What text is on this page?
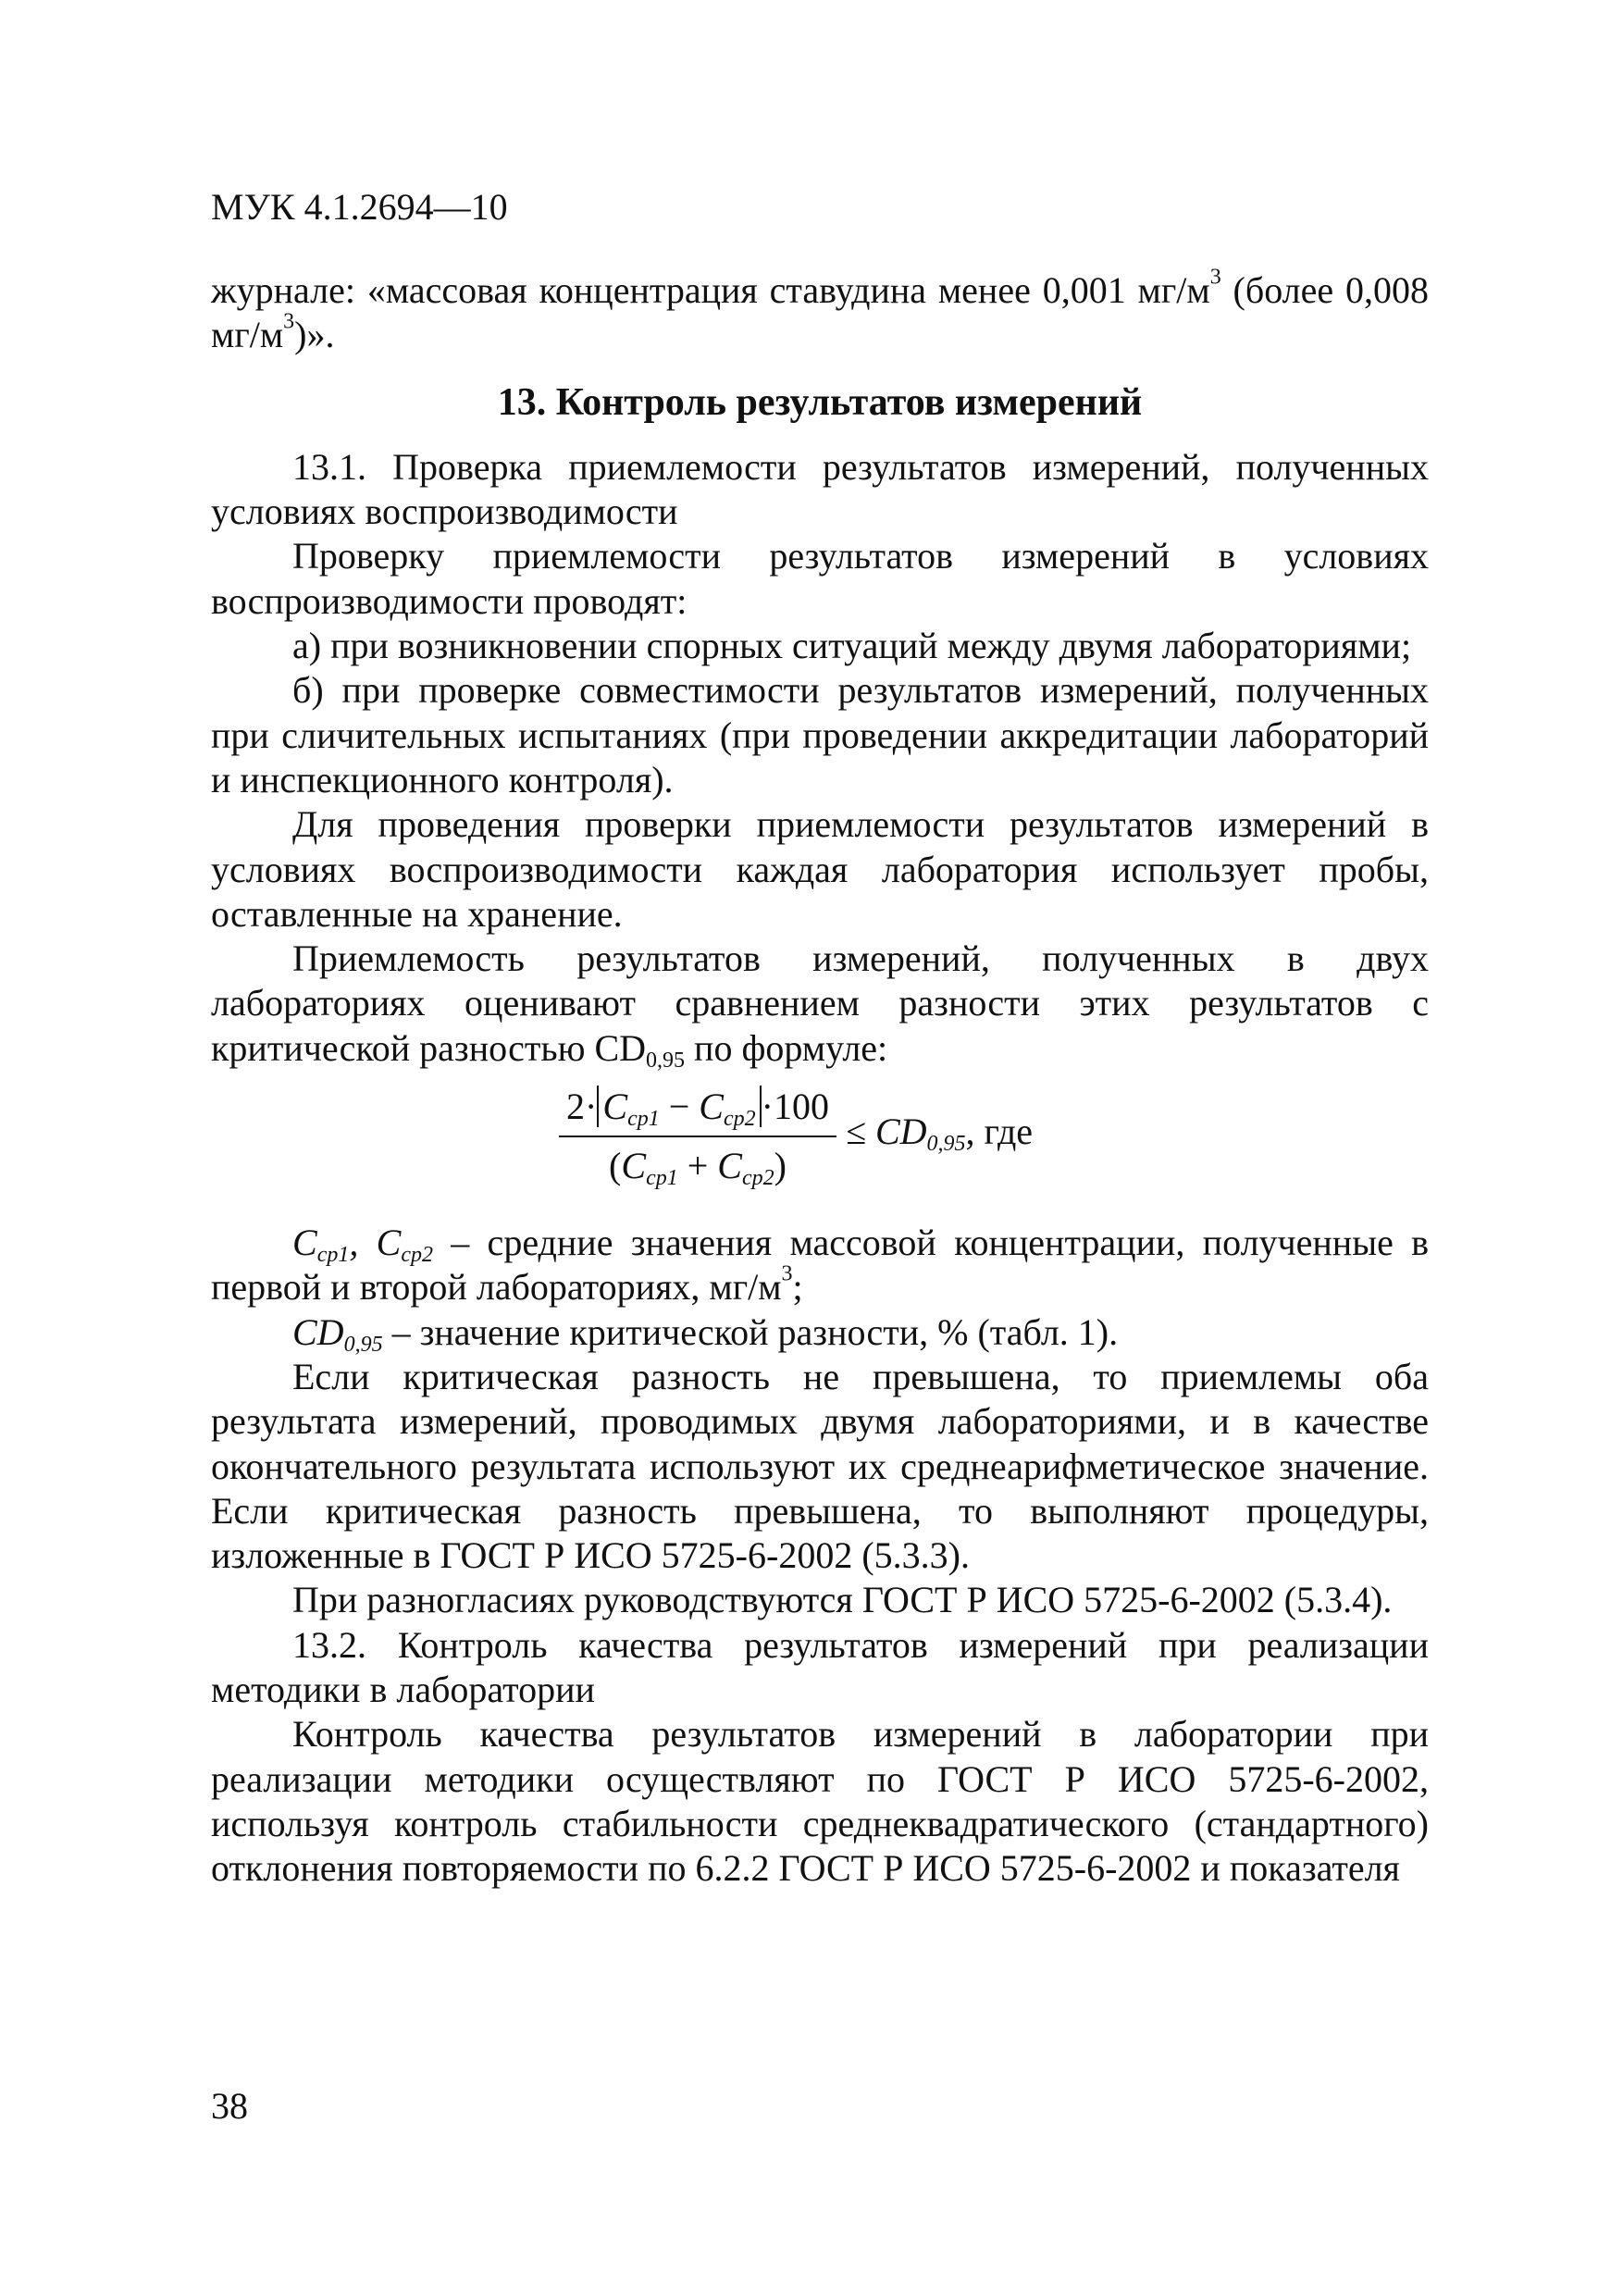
МУК 4.1.2694—10

журнале: «массовая концентрация ставудина менее 0,001 $мг/м^3$ (более 0,008 $мг/м^3$)».

13. Контроль результатов измерений

13.1. Проверка приемлемости результатов измерений, полученных условиях воспроизводимости

Проверку приемлемости результатов измерений в условиях воспроизводимости проводят:

а) при возникновении спорных ситуаций между двумя лабораториями;

б) при проверке совместимости результатов измерений, полученных при сличительных испытаниях (при проведении аккредитации лабораторий и инспекционного контроля).

Для проведения проверки приемлемости результатов измерений в условиях воспроизводимости каждая лаборатория использует пробы, оставленные на хранение.

Приемлемость результатов измерений, полученных в двух лабораториях оценивают сравнением разности этих результатов с критической разностью $CD_{0,95}$ по формуле:

$2\cdot C_{cp1} - C_{cp2} \cdot 100$
$(C_{cp1} + C_{cp2})$
≤ $CD_{0,95}$, где

$C_{cp1}$, $C_{cp2}$ – средние значения массовой концентрации, полученные в первой и второй лабораториях, $мг/м^3$;

$CD_{0,95}$ – значение критической разности, % (табл. 1).

Если критическая разность не превышена, то приемлемы оба результата измерений, проводимых двумя лабораториями, и в качестве окончательного результата используют их среднеарифметическое значение. Если критическая разность превышена, то выполняют процедуры, изложенные в ГОСТ Р ИСО 5725-6-2002 (5.3.3).

При разногласиях руководствуются ГОСТ Р ИСО 5725-6-2002 (5.3.4).

13.2. Контроль качества результатов измерений при реализации методики в лаборатории

Контроль качества результатов измерений в лаборатории при реализации методики осуществляют по ГОСТ Р ИСО 5725-6-2002, используя контроль стабильности среднеквадратического (стандартного) отклонения повторяемости по 6.2.2 ГОСТ Р ИСО 5725-6-2002 и показателя

38
